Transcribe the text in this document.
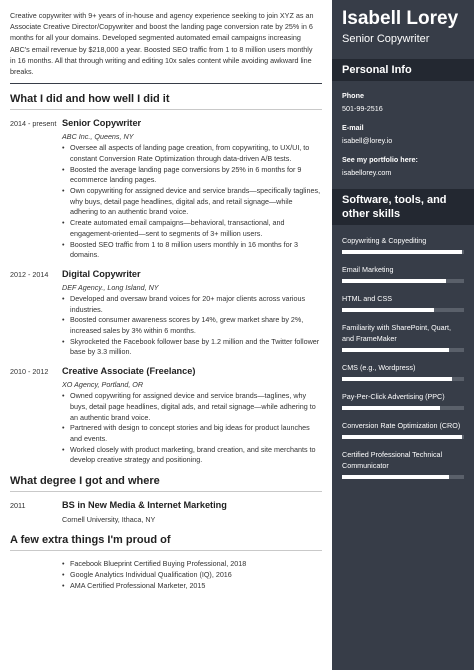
Creative copywriter with 9+ years of in-house and agency experience seeking to join XYZ as an Associate Creative Director/Copywriter and boost the landing page conversion rate by 25% in 6 months for all your domains. Developed segmented automated email campaigns increasing ABC's email revenue by $218,000 a year. Boosted SEO traffic from 1 to 8 million users monthly in 16 months. All that through writing and editing 10x sales content while avoiding awkward line breaks.

What I did and how well I did it
2014 - present Senior Copywriter
ABC Inc., Queens, NY
• Oversee all aspects of landing page creation, from copywriting, to UX/UI, to constant Conversion Rate Optimization through data-driven A/B tests.
• Boosted the average landing page conversions by 25% in 6 months for 9 ecommerce landing pages.
• Own copywriting for assigned device and service brands—specifically taglines, why buys, detail page headlines, digital ads, and retail signage—while adhering to an authentic brand voice.
• Create automated email campaigns—behavioral, transactional, and engagement-oriented—sent to segments of 3+ million users.
• Boosted SEO traffic from 1 to 8 million users monthly in 16 months for 3 domains.
2012 - 2014	Digital Copywriter
DEF Agency., Long Island, NY
• Developed and oversaw brand voices for 20+ major clients across various industries.
• Boosted consumer awareness scores by 14%, grew market share by 2%, increased sales by 3% within 6 months.
• Skyrocketed the Facebook follower base by 1.2 million and the Twitter follower base by 3.3 million.
2010 - 2012	Creative Associate (Freelance)
XO Agency, Portland, OR
• Owned copywriting for assigned device and service brands—taglines, why buys, detail page headlines, digital ads, and retail signage—while adhering to an authentic brand voice.
• Partnered with design to concept stories and big ideas for product launches and events.
• Worked closely with product marketing, brand creation, and site merchants to develop creative strategy and positioning.
What degree I got and where
2011	BS in New Media & Internet Marketing
Cornell University, Ithaca, NY
A few extra things I'm proud of
• Facebook Blueprint Certified Buying Professional, 2018
• Google Analytics Individual Qualification (IQ), 2016
• AMA Certified Professional Marketer, 2015
Isabell Lorey
Senior Copywriter
Personal Info
Phone
501-99-2516
E-mail
isabell@lorey.io
See my portfolio here:
isabellorey.com
Software, tools, and other skills
Copywriting & Copyediting
Email Marketing
HTML and CSS
Familiarity with SharePoint, Quart, and FrameMaker
CMS (e.g., Wordpress)
Pay-Per-Click Advertising (PPC)
Conversion Rate Optimization (CRO)
Certified Professional Technical Communicator
